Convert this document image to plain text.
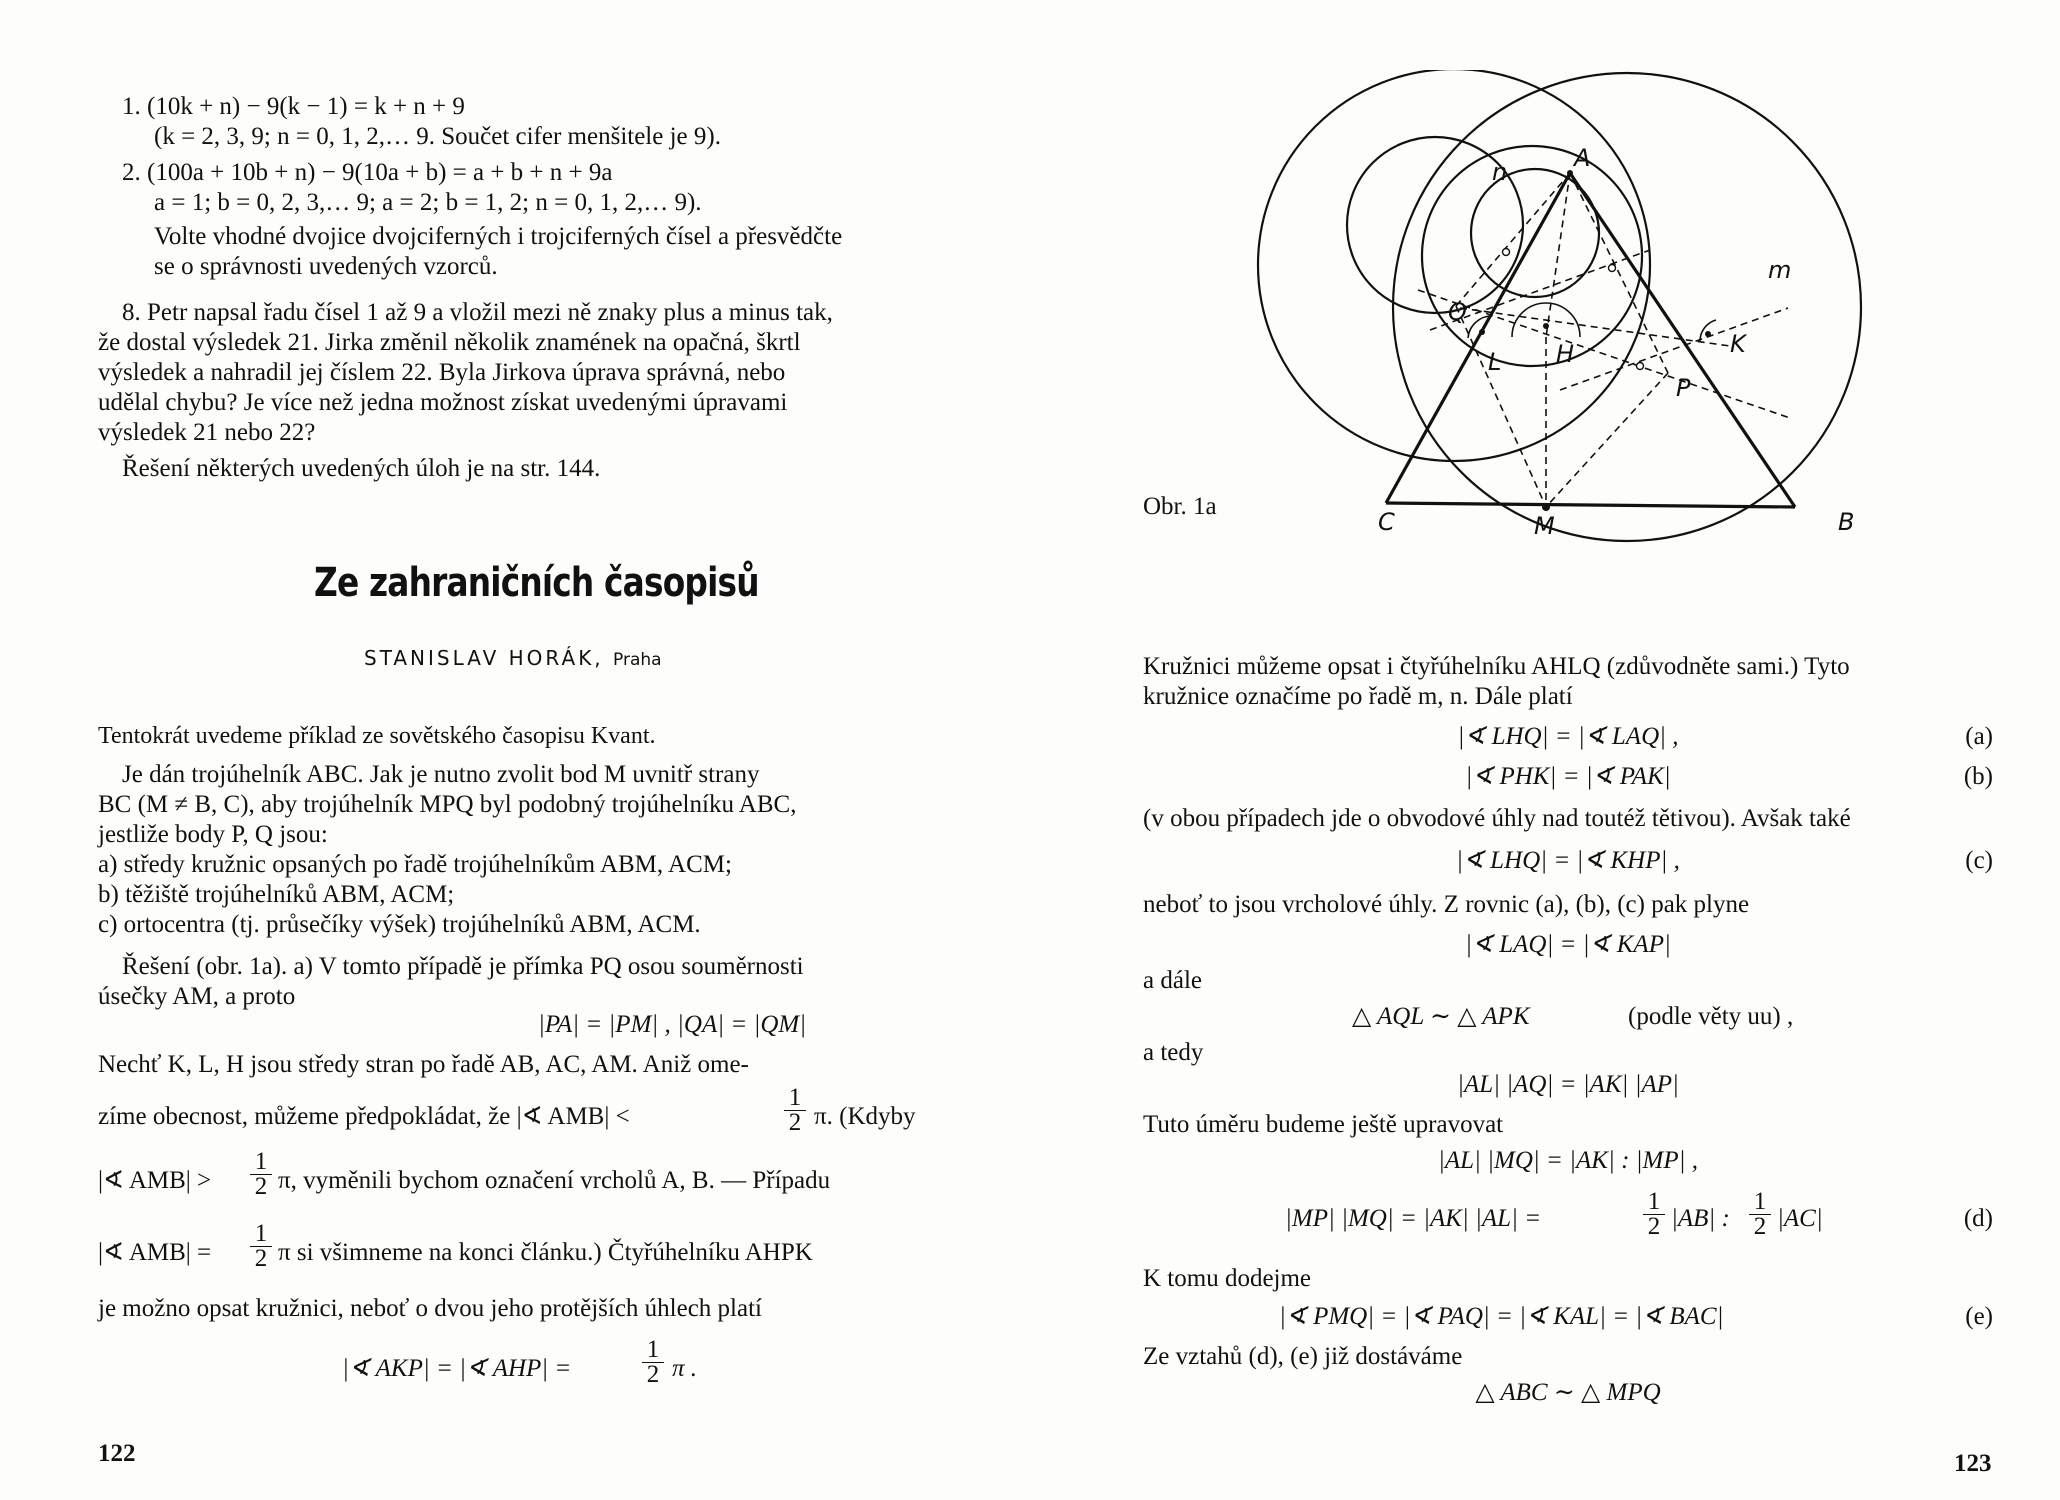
1. (10k + n) − 9(k − 1) = k + n + 9
(k = 2, 3, 9; n = 0, 1, 2,… 9. Součet cifer menšitele je 9).
2. (100a + 10b + n) − 9(10a + b) = a + b + n + 9a
a = 1; b = 0, 2, 3,… 9; a = 2; b = 1, 2; n = 0, 1, 2,… 9).
Volte vhodné dvojice dvojciferných i trojciferných čísel a přesvědčte
se o správnosti uvedených vzorců.
8. Petr napsal řadu čísel 1 až 9 a vložil mezi ně znaky plus a minus tak,
že dostal výsledek 21. Jirka změnil několik znamének na opačná, škrtl
výsledek a nahradil jej číslem 22. Byla Jirkova úprava správná, nebo
udělal chybu? Je více než jedna možnost získat uvedenými úpravami
výsledek 21 nebo 22?
Řešení některých uvedených úloh je na str. 144.
Ze zahraničních časopisů
STANISLAV HORÁK, Praha
Tentokrát uvedeme příklad ze sovětského časopisu Kvant.
Je dán trojúhelník ABC. Jak je nutno zvolit bod M uvnitř strany
BC (M ≠ B, C), aby trojúhelník MPQ byl podobný trojúhelníku ABC,
jestliže body P, Q jsou:
a) středy kružnic opsaných po řadě trojúhelníkům ABM, ACM;
b) těžiště trojúhelníků ABM, ACM;
c) ortocentra (tj. průsečíky výšek) trojúhelníků ABM, ACM.
Řešení (obr. 1a). a) V tomto případě je přímka PQ osou souměrnosti
úsečky AM, a proto
|PA| = |PM| , |QA| = |QM|
Nechť K, L, H jsou středy stran po řadě AB, AC, AM. Aniž ome-
zíme obecnost, můžeme předpokládat, že |∢ AMB| <	$\frac{1}{2} \pi$. (Kdyby
|∢ $AMB| > \frac{1}{2} \pi$, vyměnili bychom označení vrcholů A, B. — Případu
|∢ $AMB| = \frac{1}{2}$ π si všimneme na konci článku.) Čtyřúhelníku AHPK
je možno opsat kružnici, neboť o dvou jeho protějších úhlech platí
|∢ AKP| = |∢ AHP| =	$\frac{1}{2}$ π .
122
A
B
C	M
Q
L H
P
K
m
n
Obr. 1a
Kružnici můžeme opsat i čtyřúhelníku AHLQ (zdůvodněte sami.) Tyto
kružnice označíme po řadě m, n. Dále platí
|∢ LHQ| = |∢ LAQ| ,	(a)
|∢ PHK| = |∢ PAK|	(b)
(v obou případech jde o obvodové úhly nad toutéž tětivou). Avšak také
|∢ LHQ| = |∢ KHP| ,	(c)
neboť to jsou vrcholové úhly. Z rovnic (a), (b), (c) pak plyne
|∢ LAQ| = |∢ KAP|
a dále
△ AQL ∼ △ APK	(podle věty uu) ,
a tedy
|AL| |AQ| = |AK| |AP|
Tuto úměru budeme ještě upravovat
|AL| |MQ| = |AK| : |MP| ,
|MP| |MQ| = |AK| |AL| =	$\frac{1}{2} |AB|$ : $\frac{1}{2} |AC|$	(d)
K tomu dodejme
|∢ PMQ| = |∢ PAQ| = |∢ KAL| = |∢ BAC|	(e)
Ze vztahů (d), (e) již dostáváme
△ ABC ∼ △ MPQ
123
